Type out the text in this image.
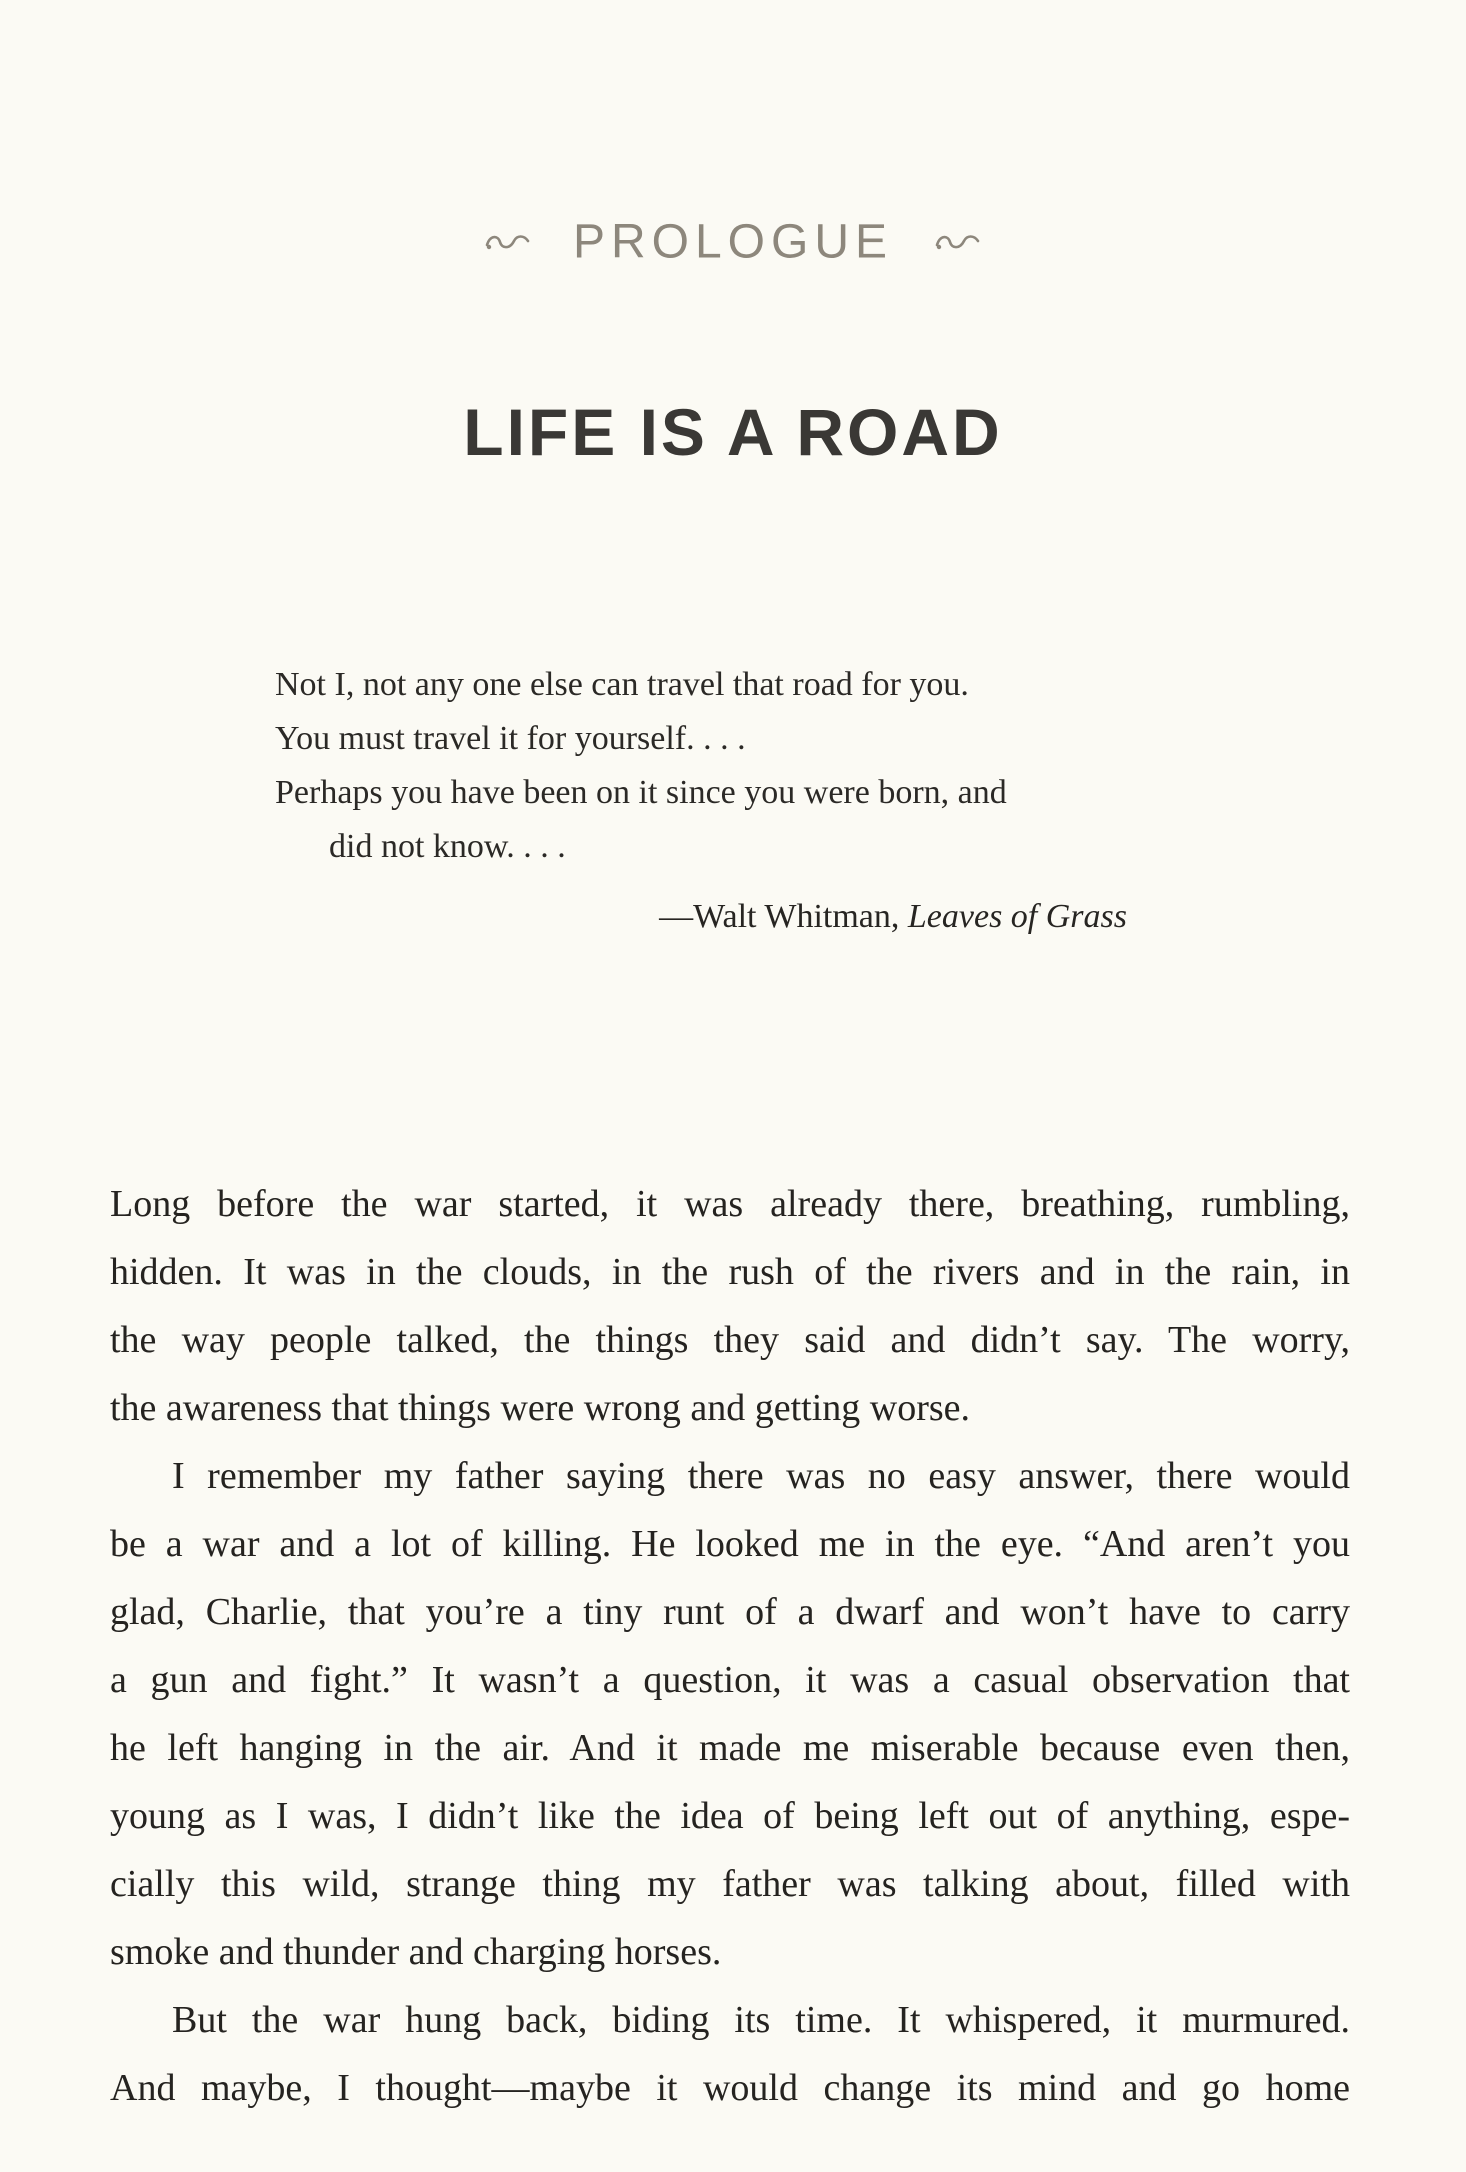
PROLOGUE
LIFE IS A ROAD
Not I, not any one else can travel that road for you.
You must travel it for yourself. . . .
Perhaps you have been on it since you were born, and
did not know. . . .
—Walt Whitman, Leaves of Grass

Long before the war started, it was already there, breathing, rumbling,
hidden. It was in the clouds, in the rush of the rivers and in the rain, in
the way people talked, the things they said and didn’t say. The worry,
the awareness that things were wrong and getting worse.

I remember my father saying there was no easy answer, there would
be a war and a lot of killing. He looked me in the eye. “And aren’t you
glad, Charlie, that you’re a tiny runt of a dwarf and won’t have to carry
a gun and fight.” It wasn’t a question, it was a casual observation that
he left hanging in the air. And it made me miserable because even then,
young as I was, I didn’t like the idea of being left out of anything, espe-
cially this wild, strange thing my father was talking about, filled with
smoke and thunder and charging horses.

But the war hung back, biding its time. It whispered, it murmured.
And maybe, I thought—maybe it would change its mind and go home
